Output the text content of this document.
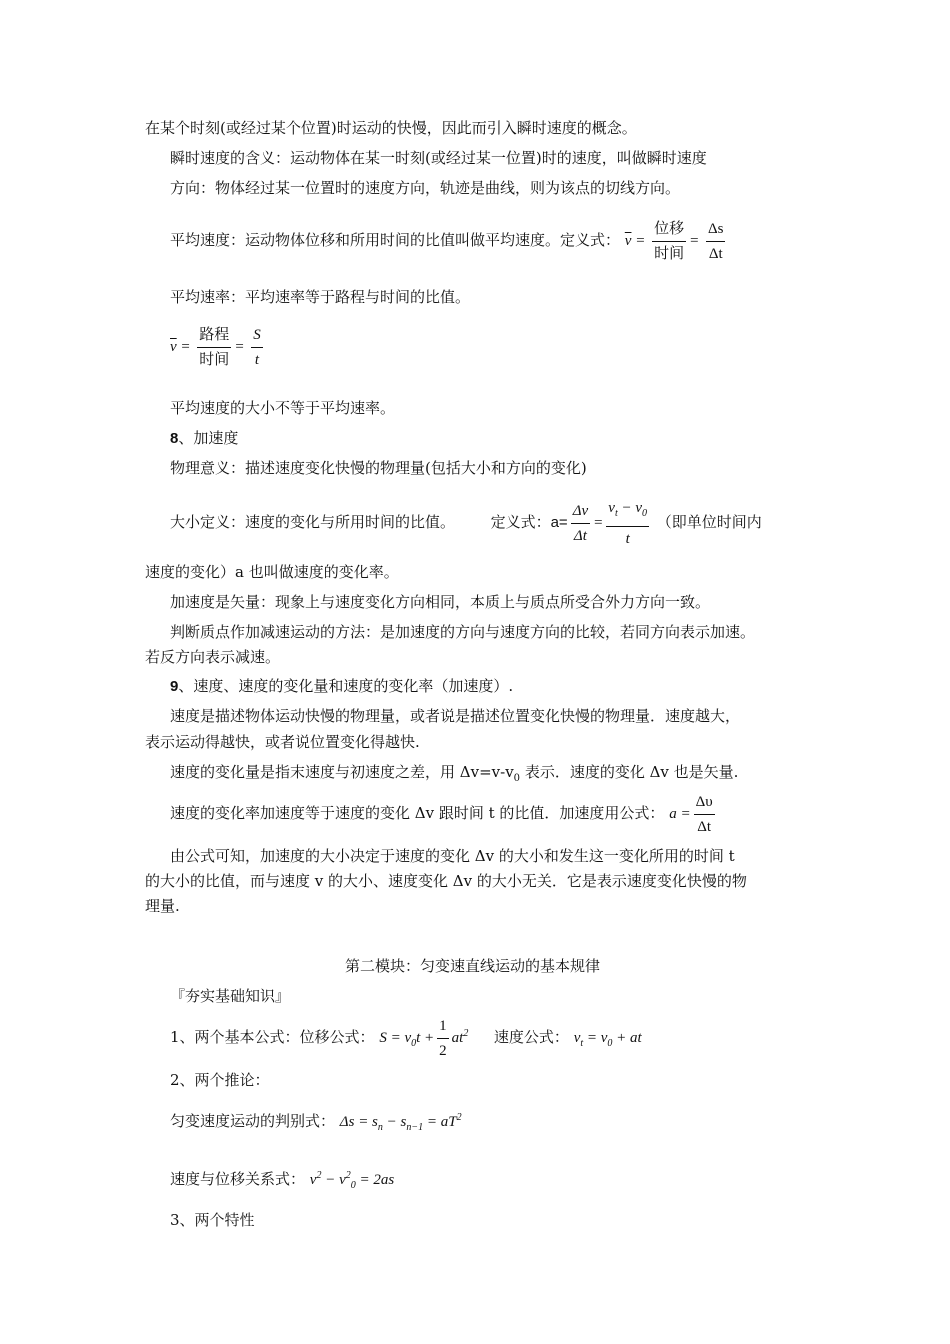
在某个时刻(或经过某个位置)时运动的快慢，因此而引入瞬时速度的概念。
瞬时速度的含义：运动物体在某一时刻(或经过某一位置)时的速度，叫做瞬时速度
方向：物体经过某一位置时的速度方向，轨迹是曲线，则为该点的切线方向。
平均速度：运动物体位移和所用时间的比值叫做平均速度。定义式： $\overline{v} = \frac{\text{位移}}{\text{时间}} = \frac{\Delta s}{\Delta t}$
平均速率：平均速率等于路程与时间的比值。
$\overline{v} = \frac{\text{路程}}{\text{时间}} = \frac{S}{t}$
平均速度的大小不等于平均速率。
8、加速度
物理意义：描述速度变化快慢的物理量(包括大小和方向的变化)
大小定义：速度的变化与所用时间的比值。 定义式：$a= \frac{\Delta v}{\Delta t} = \frac{v_t - v_0}{t}$ （即单位时间内
速度的变化）a 也叫做速度的变化率。
加速度是矢量：现象上与速度变化方向相同，本质上与质点所受合外力方向一致。
判断质点作加减速运动的方法：是加速度的方向与速度方向的比较，若同方向表示加速。
若反方向表示减速。
9、速度、速度的变化量和速度的变化率（加速度）.
速度是描述物体运动快慢的物理量，或者说是描述位置变化快慢的物理量．速度越大，
表示运动得越快，或者说位置变化得越快.
速度的变化量是指末速度与初速度之差，用 $\Delta v=v-v_0$ 表示．速度的变化 Δv 也是矢量.
速度的变化率加速度等于速度的变化 Δv 跟时间 t 的比值．加速度用公式： $a = \frac{\Delta\upsilon}{\Delta t}$
由公式可知，加速度的大小决定于速度的变化 Δv 的大小和发生这一变化所用的时间 t
的大小的比值，而与速度 v 的大小、速度变化 Δv 的大小无关．它是表示速度变化快慢的物
理量.
第二模块：匀变速直线运动的基本规律
『夯实基础知识』
1、两个基本公式：位移公式： $S = v_0t + \frac{1}{2} at^2$ 速度公式： $v_t = v_0$ + at
2、两个推论：
匀变速度运动的判别式： $\Delta s = s_n - s_{n-1} = aT^2$
速度与位移关系式： $v^2 - v^2_0 = 2as$
3、两个特性
